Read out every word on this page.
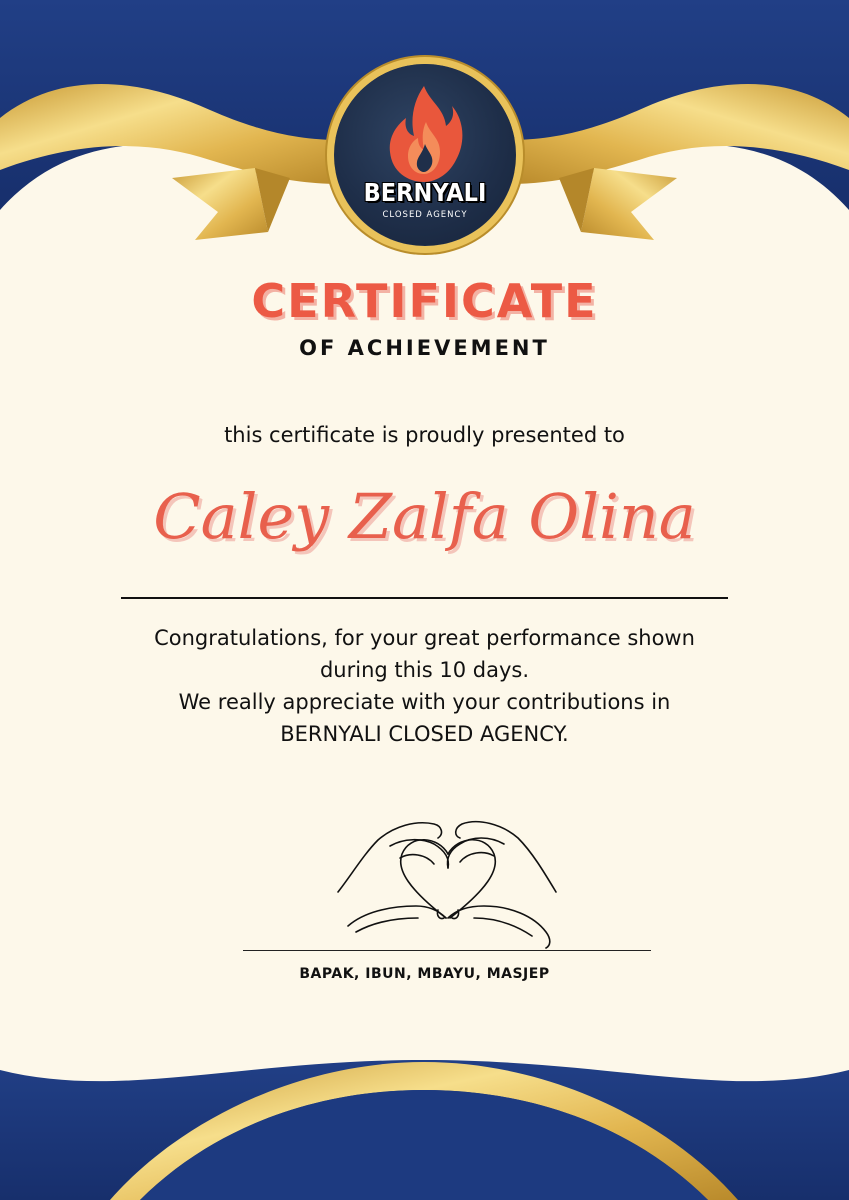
BERNYALI
CLOSED AGENCY
CERTIFICATE
OF ACHIEVEMENT
this certificate is proudly presented to
Caley Zalfa Olina
Congratulations, for your great performance shown
during this 10 days.
We really appreciate with your contributions in
BERNYALI CLOSED AGENCY.
BAPAK, IBUN, MBAYU, MASJEP
